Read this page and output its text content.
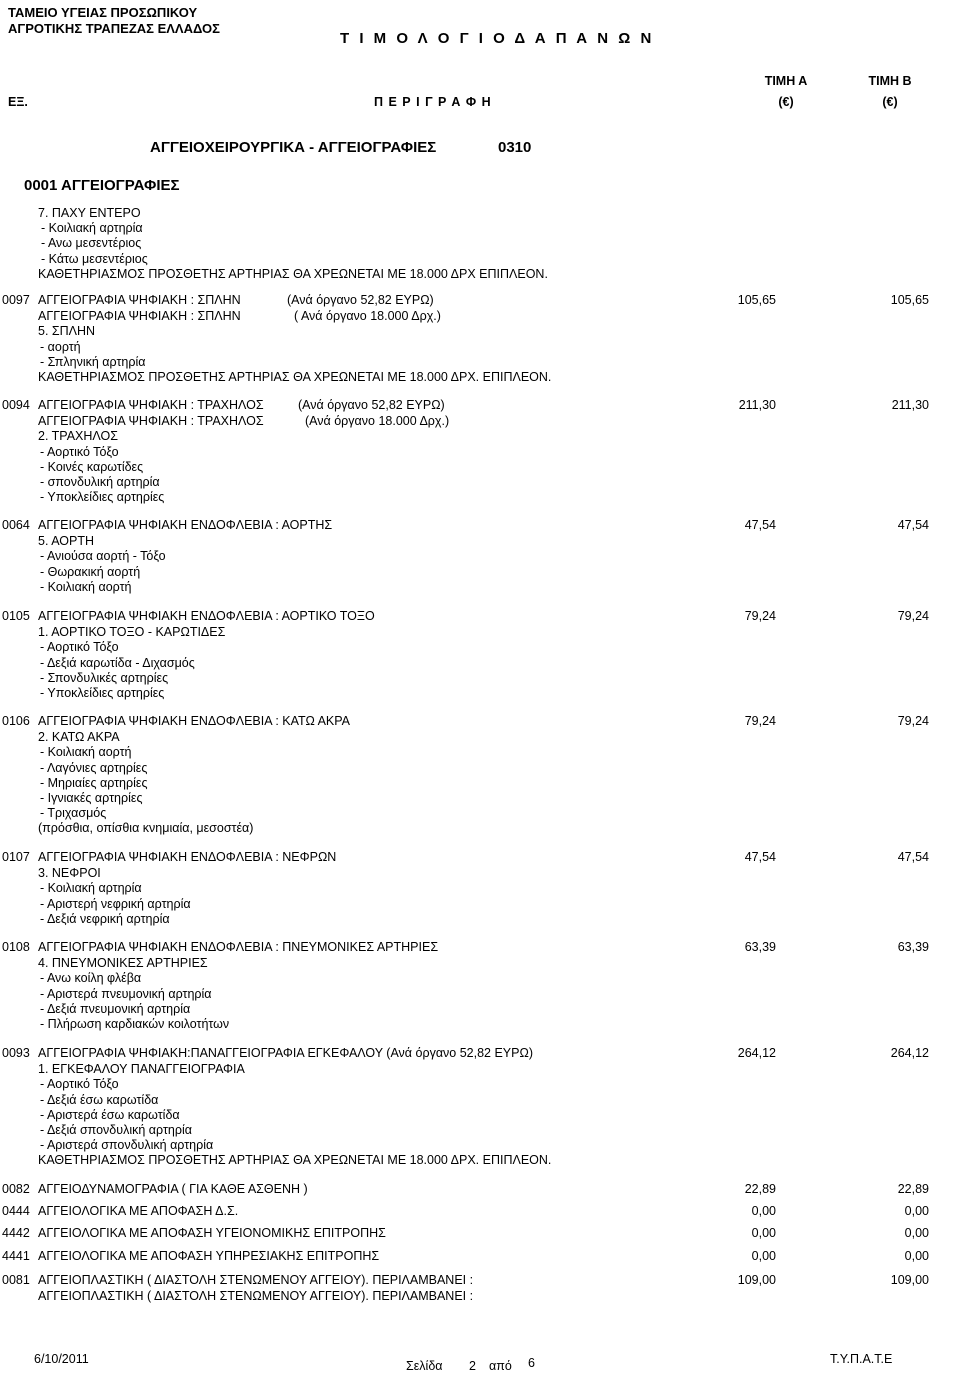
ΤΑΜΕΙΟ ΥΓΕΙΑΣ ΠΡΟΣΩΠΙΚΟΥ
ΑΓΡΟΤΙΚΗΣ ΤΡΑΠΕΖΑΣ ΕΛΛΑΔΟΣ
Τ Ι Μ Ο Λ Ο Γ Ι Ο Δ Α Π Α Ν Ω Ν
ΕΞ.	Π Ε Ρ Ι Γ Ρ Α Φ Η
ΤΙΜΗ Α
(€)
ΤΙΜΗ Β
(€)
ΑΓΓΕΙΟΧΕΙΡΟΥΡΓΙΚΑ - ΑΓΓΕΙΟΓΡΑΦΙΕΣ	0310
0001 ΑΓΓΕΙΟΓΡΑΦΙΕΣ
7. ΠΑΧΥ ΕΝΤΕΡΟ
- Κοιλιακή αρτηρία
- Ανω μεσεντέριος
- Κάτω μεσεντέριος
ΚΑΘΕΤΗΡΙΑΣΜΟΣ ΠΡΟΣΘΕΤΗΣ ΑΡΤΗΡΙΑΣ ΘΑ ΧΡΕΩΝΕΤΑΙ ΜΕ 18.000 ΔΡΧ ΕΠΙΠΛΕΟΝ.
0097 ΑΓΓΕΙΟΓΡΑΦΙΑ ΨΗΦΙΑΚΗ : ΣΠΛΗΝ	(Ανά όργανο 52,82 ΕΥΡΩ)	105,65	105,65
ΑΓΓΕΙΟΓΡΑΦΙΑ ΨΗΦΙΑΚΗ : ΣΠΛΗΝ	( Ανά όργανο 18.000 Δρχ.)
5. ΣΠΛΗΝ
- αορτή
- Σπληνική αρτηρία
ΚΑΘΕΤΗΡΙΑΣΜΟΣ ΠΡΟΣΘΕΤΗΣ ΑΡΤΗΡΙΑΣ ΘΑ ΧΡΕΩΝΕΤΑΙ ΜΕ 18.000 ΔΡΧ. ΕΠΙΠΛΕΟΝ.
0094 ΑΓΓΕΙΟΓΡΑΦΙΑ ΨΗΦΙΑΚΗ : ΤΡΑΧΗΛΟΣ	(Ανά όργανο 52,82 ΕΥΡΩ)	211,30	211,30
ΑΓΓΕΙΟΓΡΑΦΙΑ ΨΗΦΙΑΚΗ : ΤΡΑΧΗΛΟΣ	(Ανά όργανο 18.000 Δρχ.)
2. ΤΡΑΧΗΛΟΣ
- Αορτικό Τόξο
- Κοινές καρωτίδες
- σπονδυλική αρτηρία
- Υποκλείδιες αρτηρίες
0064 ΑΓΓΕΙΟΓΡΑΦΙΑ ΨΗΦΙΑΚΗ ΕΝΔΟΦΛΕΒΙΑ : ΑΟΡΤΗΣ	47,54	47,54
5. ΑΟΡΤΗ
- Ανιούσα αορτή - Τόξο
- Θωρακική αορτή
- Κοιλιακή αορτή
0105 ΑΓΓΕΙΟΓΡΑΦΙΑ ΨΗΦΙΑΚΗ ΕΝΔΟΦΛΕΒΙΑ : ΑΟΡΤΙΚΟ ΤΟΞΟ	79,24	79,24
1. ΑΟΡΤΙΚΟ ΤΟΞΟ - ΚΑΡΩΤΙΔΕΣ
- Αορτικό Τόξο
- Δεξιά καρωτίδα - Διχασμός
- Σπονδυλικές αρτηρίες
- Υποκλείδιες αρτηρίες
0106 ΑΓΓΕΙΟΓΡΑΦΙΑ ΨΗΦΙΑΚΗ ΕΝΔΟΦΛΕΒΙΑ : ΚΑΤΩ ΑΚΡΑ	79,24	79,24
2. ΚΑΤΩ ΑΚΡΑ
- Κοιλιακή αορτή
- Λαγόνιες αρτηρίες
- Μηριαίες αρτηρίες
- Ιγνιακές αρτηρίες
- Τριχασμός
(πρόσθια, οπίσθια κνημιαία, μεσοστέα)
0107 ΑΓΓΕΙΟΓΡΑΦΙΑ ΨΗΦΙΑΚΗ ΕΝΔΟΦΛΕΒΙΑ : ΝΕΦΡΩΝ	47,54	47,54
3. ΝΕΦΡΟΙ
- Κοιλιακή αρτηρία
- Αριστερή νεφρική αρτηρία
- Δεξιά νεφρική αρτηρία
0108 ΑΓΓΕΙΟΓΡΑΦΙΑ ΨΗΦΙΑΚΗ ΕΝΔΟΦΛΕΒΙΑ : ΠΝΕΥΜΟΝΙΚΕΣ ΑΡΤΗΡΙΕΣ	63,39	63,39
4. ΠΝΕΥΜΟΝΙΚΕΣ ΑΡΤΗΡΙΕΣ
- Ανω κοίλη φλέβα
- Αριστερά πνευμονική αρτηρία
- Δεξιά πνευμονική αρτηρία
- Πλήρωση καρδιακών κοιλοτήτων
0093 ΑΓΓΕΙΟΓΡΑΦΙΑ ΨΗΦΙΑΚΗ:ΠΑΝΑΓΓΕΙΟΓΡΑΦΙΑ ΕΓΚΕΦΑΛΟΥ (Ανά όργανο 52,82 ΕΥΡΩ)	264,12	264,12
1. ΕΓΚΕΦΑΛΟΥ ΠΑΝΑΓΓΕΙΟΓΡΑΦΙΑ
- Αορτικό Τόξο
- Δεξιά έσω καρωτίδα
- Αριστερά έσω καρωτίδα
- Δεξιά σπονδυλική αρτηρία
- Αριστερά σπονδυλική αρτηρία
ΚΑΘΕΤΗΡΙΑΣΜΟΣ ΠΡΟΣΘΕΤΗΣ ΑΡΤΗΡΙΑΣ ΘΑ ΧΡΕΩΝΕΤΑΙ ΜΕ 18.000 ΔΡΧ. ΕΠΙΠΛΕΟΝ.
0082 ΑΓΓΕΙΟΔΥΝΑΜΟΓΡΑΦΙΑ ( ΓΙΑ ΚΑΘΕ ΑΣΘΕΝΗ )	22,89	22,89
0444 ΑΓΓΕΙΟΛΟΓΙΚΑ ΜΕ ΑΠΟΦΑΣΗ Δ.Σ.	0,00	0,00
4442 ΑΓΓΕΙΟΛΟΓΙΚΑ ΜΕ ΑΠΟΦΑΣΗ ΥΓΕΙΟΝΟΜΙΚΗΣ ΕΠΙΤΡΟΠΗΣ	0,00	0,00
4441 ΑΓΓΕΙΟΛΟΓΙΚΑ ΜΕ ΑΠΟΦΑΣΗ ΥΠΗΡΕΣΙΑΚΗΣ ΕΠΙΤΡΟΠΗΣ	0,00	0,00
0081 ΑΓΓΕΙΟΠΛΑΣΤΙΚΗ ( ΔΙΑΣΤΟΛΗ ΣΤΕΝΩΜΕΝΟΥ ΑΓΓΕΙΟΥ). ΠΕΡΙΛΑΜΒΑΝΕΙ :	109,00	109,00
ΑΓΓΕΙΟΠΛΑΣΤΙΚΗ ( ΔΙΑΣΤΟΛΗ ΣΤΕΝΩΜΕΝΟΥ ΑΓΓΕΙΟΥ). ΠΕΡΙΛΑΜΒΑΝΕΙ :
6/10/2011	Σελίδα 2 από 6	Τ.Υ.Π.Α.Τ.Ε
